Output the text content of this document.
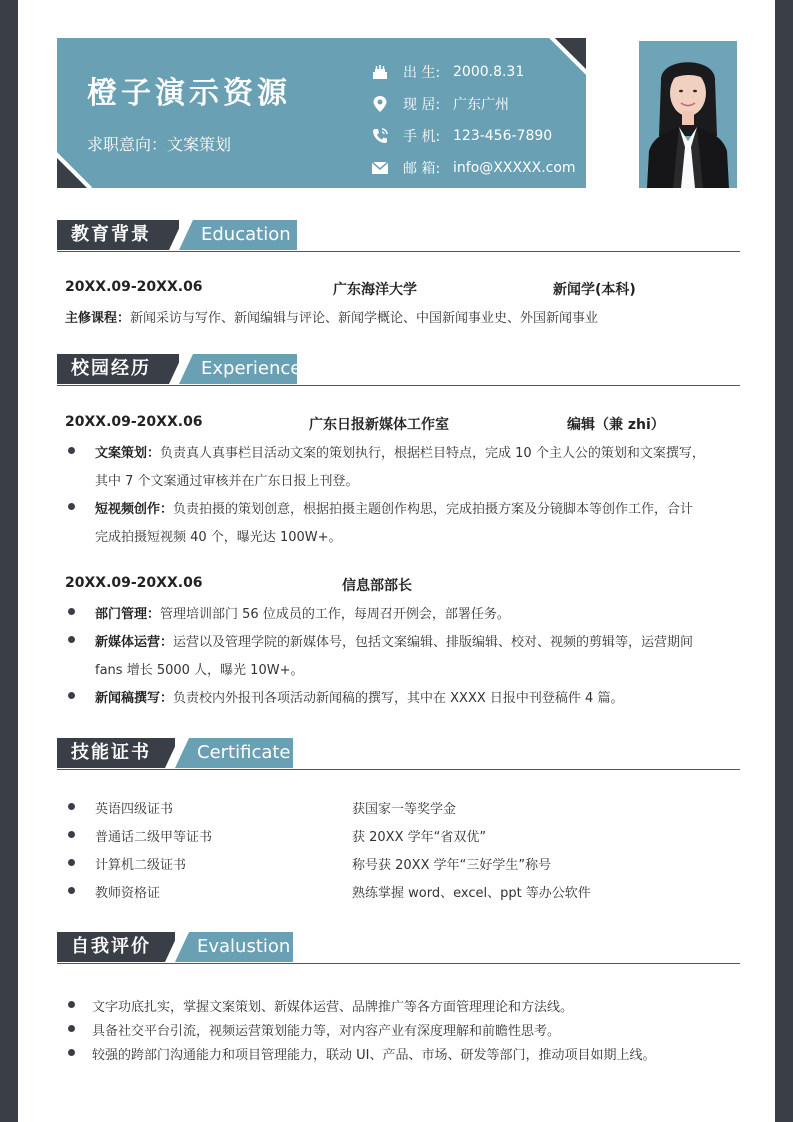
橙子演示资源
求职意向：文案策划
出 生: 2000.8.31
现 居: 广东广州
手 机: 123-456-7890
邮 箱: info@XXXXX.com
教育背景	Education
20XX.09-20XX.06	广东海洋大学	新闻学(本科)
主修课程：新闻采访与写作、新闻编辑与评论、新闻学概论、中国新闻事业史、外国新闻事业
校园经历	Experience
20XX.09-20XX.06	广东日报新媒体工作室	编辑（兼 zhi）
文案策划：负责真人真事栏目活动文案的策划执行，根据栏目特点，完成 10 个主人公的策划和文案撰写，
其中 7 个文案通过审核并在广东日报上刊登。
短视频创作：负责拍摄的策划创意，根据拍摄主题创作构思，完成拍摄方案及分镜脚本等创作工作，合计
完成拍摄短视频 40 个，曝光达 100W+。
20XX.09-20XX.06	信息部部长
部门管理：管理培训部门 56 位成员的工作，每周召开例会，部署任务。
新媒体运营：运营以及管理学院的新媒体号，包括文案编辑、排版编辑、校对、视频的剪辑等，运营期间
fans 增长 5000 人，曝光 10W+。
新闻稿撰写：负责校内外报刊各项活动新闻稿的撰写，其中在 XXXX 日报中刊登稿件 4 篇。
技能证书	Certificate
英语四级证书	获国家一等奖学金
普通话二级甲等证书	获 20XX 学年“省双优”
计算机二级证书	称号获 20XX 学年“三好学生”称号
教师资格证	熟练掌握 word、excel、ppt 等办公软件
自我评价	Evalustion
文字功底扎实，掌握文案策划、新媒体运营、品牌推广等各方面管理理论和方法线。
具备社交平台引流，视频运营策划能力等，对内容产业有深度理解和前瞻性思考。
较强的跨部门沟通能力和项目管理能力，联动 UI、产品、市场、研发等部门，推动项目如期上线。
